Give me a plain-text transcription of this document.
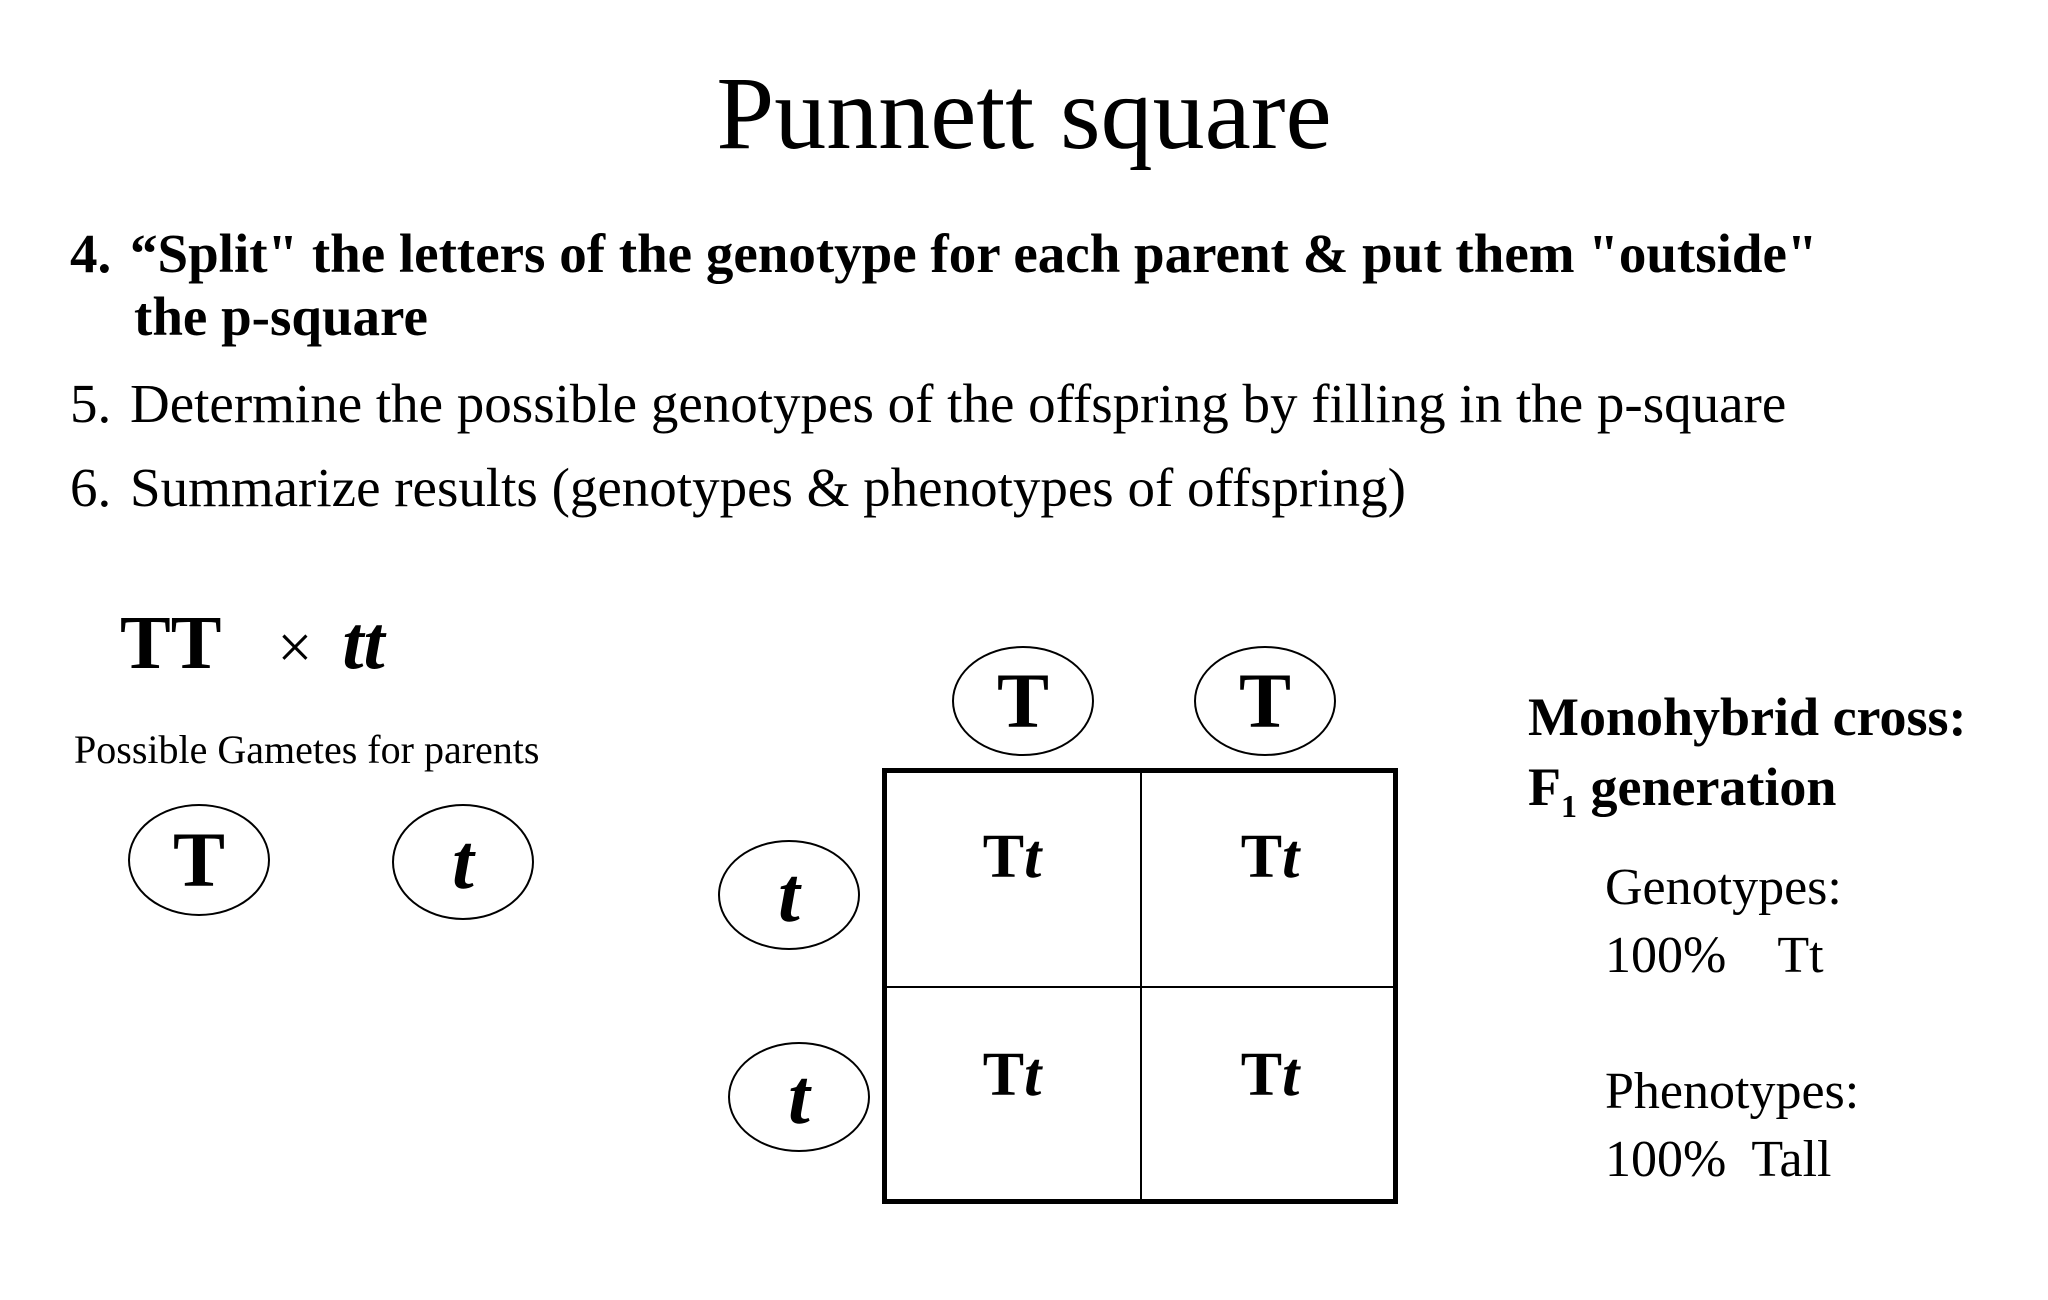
Punnett square
4. “Split" the letters of the genotype for each parent & put them "outside"
the p-square
5. Determine the possible genotypes of the offspring by filling in the p-square
6. Summarize results (genotypes & phenotypes of offspring)
TT × tt
Possible Gametes for parents
T	t
T	T
t
t
Tt	Tt
Tt	Tt
Monohybrid cross:
$F_1$ generation
Genotypes:
100%    Tt
Phenotypes:
100%  Tall
